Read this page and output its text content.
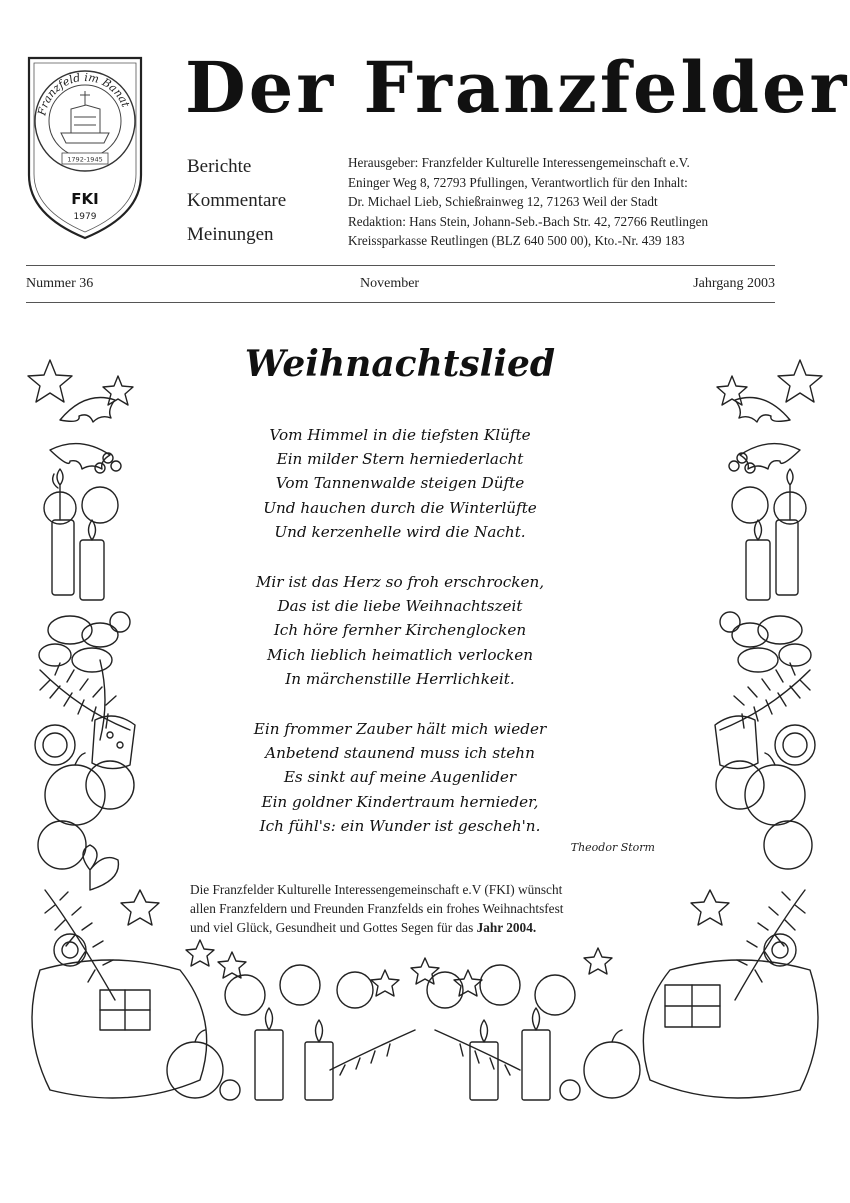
Franzfeld im Banat
1792-1945
FKI
1979
Der Franzfelder
Berichte
Kommentare
Meinungen
Herausgeber: Franzfelder Kulturelle Interessengemeinschaft e.V.
Eninger Weg 8, 72793 Pfullingen, Verantwortlich für den Inhalt:
Dr. Michael Lieb, Schießrainweg 12, 71263 Weil der Stadt
Redaktion: Hans Stein, Johann-Seb.-Bach Str. 42, 72766 Reutlingen
Kreissparkasse Reutlingen (BLZ 640 500 00), Kto.-Nr. 439 183
Nummer 36	November	Jahrgang 2003
Weihnachtslied
Vom Himmel in die tiefsten Klüfte
Ein milder Stern herniederlacht
Vom Tannenwalde steigen Düfte
Und hauchen durch die Winterlüfte
Und kerzenhelle wird die Nacht.
Mir ist das Herz so froh erschrocken,
Das ist die liebe Weihnachtszeit
Ich höre fernher Kirchenglocken
Mich lieblich heimatlich verlocken
In märchenstille Herrlichkeit.
Ein frommer Zauber hält mich wieder
Anbetend staunend muss ich stehn
Es sinkt auf meine Augenlider
Ein goldner Kindertraum hernieder,
Ich fühl's: ein Wunder ist gescheh'n.
Theodor Storm
Die Franzfelder Kulturelle Interessengemeinschaft e.V (FKI) wünscht
allen Franzfeldern und Freunden Franzfelds ein frohes Weihnachtsfest
und viel Glück, Gesundheit und Gottes Segen für das Jahr 2004.
